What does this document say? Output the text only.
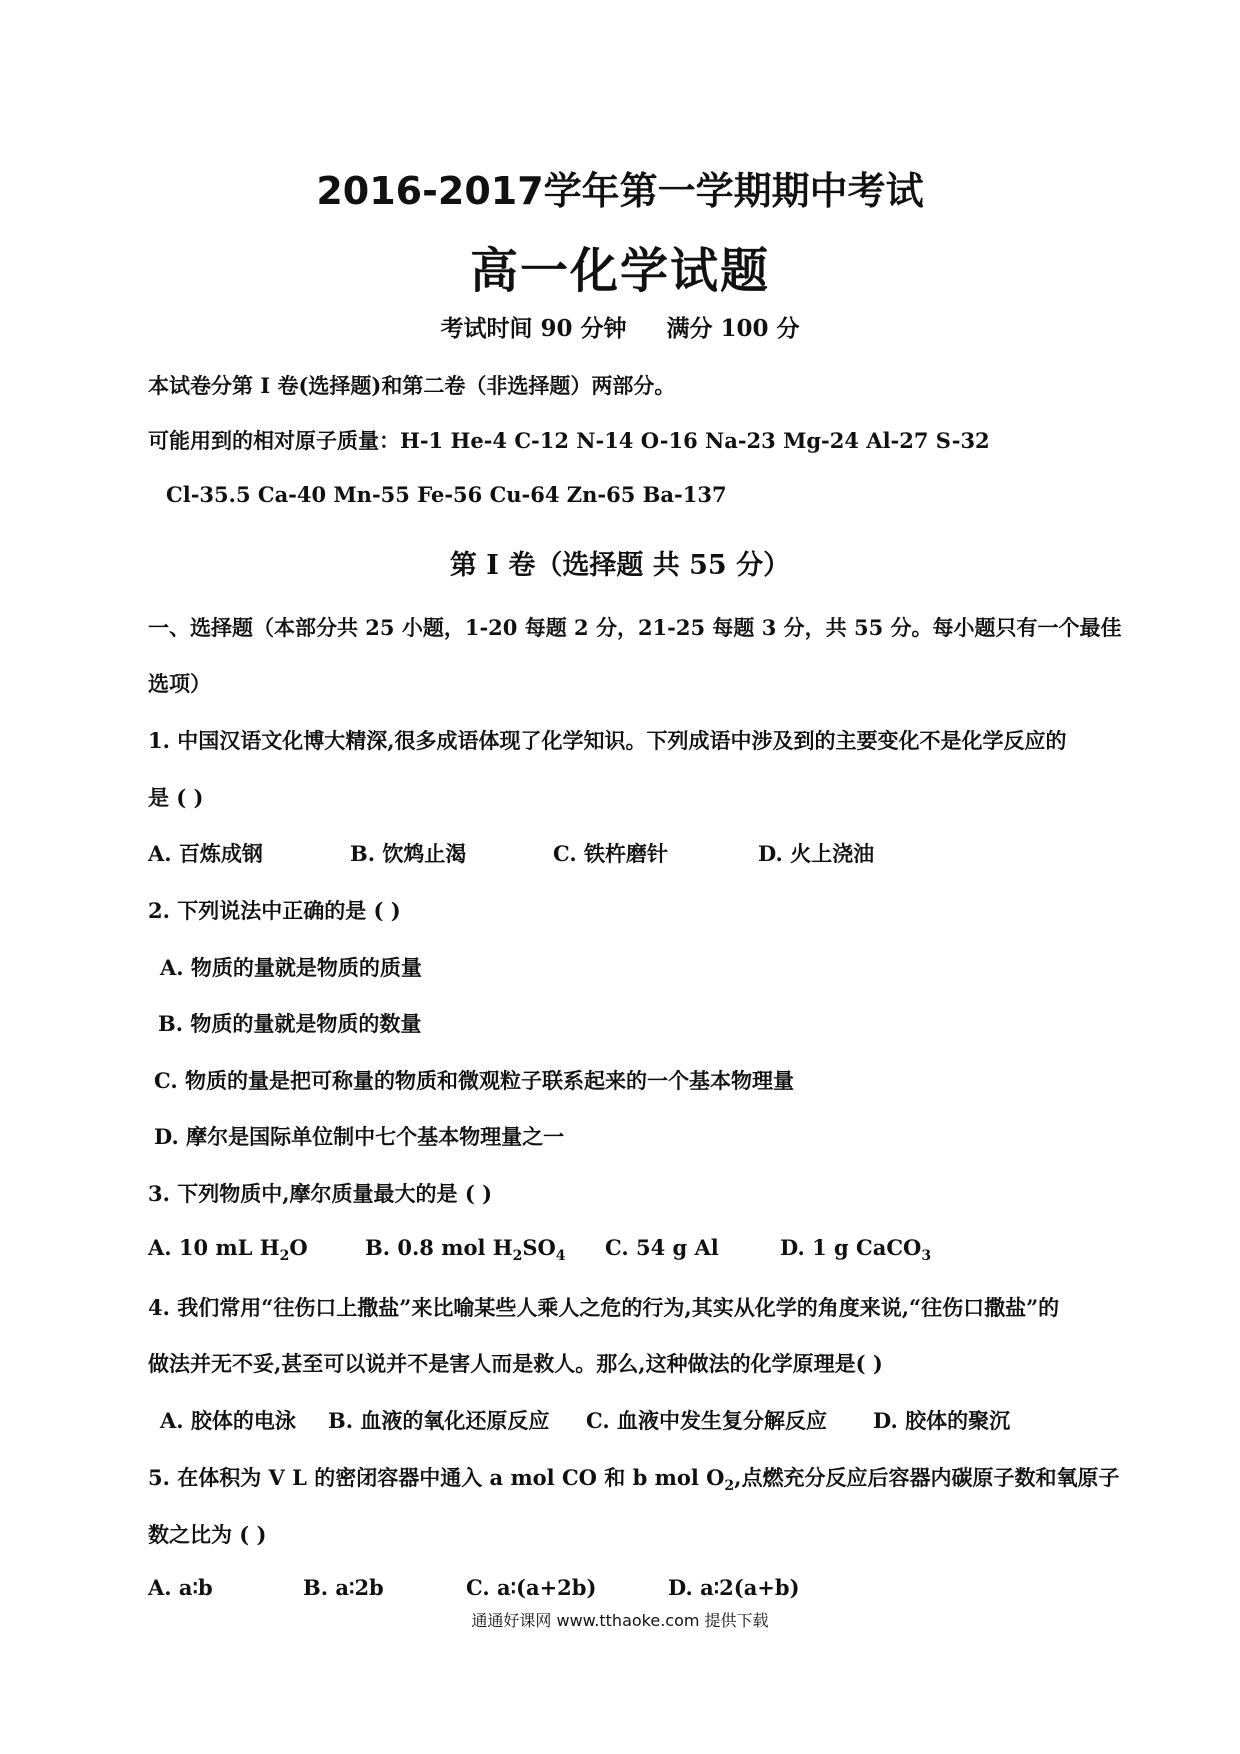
2016-2017学年第一学期期中考试
高一化学试题
考试时间 90 分钟 满分 100 分
本试卷分第 I 卷(选择题)和第二卷（非选择题）两部分。
可能用到的相对原子质量：H-1 He-4 C-12 N-14 O-16 Na-23 Mg-24 Al-27 S-32
Cl-35.5 Ca-40 Mn-55 Fe-56 Cu-64 Zn-65 Ba-137
第 I 卷（选择题 共 55 分）
一、选择题（本部分共 25 小题，1-20 每题 2 分，21-25 每题 3 分，共 55 分。每小题只有一个最佳
选项）
1. 中国汉语文化博大精深,很多成语体现了化学知识。下列成语中涉及到的主要变化不是化学反应的
是 ( )
A. 百炼成钢	B. 饮鸩止渴	C. 铁杵磨针	D. 火上浇油
2. 下列说法中正确的是 ( )
A. 物质的量就是物质的质量
B. 物质的量就是物质的数量
C. 物质的量是把可称量的物质和微观粒子联系起来的一个基本物理量
D. 摩尔是国际单位制中七个基本物理量之一
3. 下列物质中,摩尔质量最大的是 ( )
A. 10 mL $H_2O$	B. 0.8 mol $H_2SO_4$ C. 54 g Al	D. 1 g CaCO$_3$
4. 我们常用“往伤口上撒盐”来比喻某些人乘人之危的行为,其实从化学的角度来说,“往伤口撒盐”的
做法并无不妥,甚至可以说并不是害人而是救人。那么,这种做法的化学原理是( )
A. 胶体的电泳 B. 血液的氧化还原反应 C. 血液中发生复分解反应 D. 胶体的聚沉
5. 在体积为 V L 的密闭容器中通入 a mol CO 和 b mol $O_2$,点燃充分反应后容器内碳原子数和氧原子
数之比为 ( )
A. a∶b	B. a∶2b	C. a∶(a+2b)	D. a∶2(a+b)
通通好课网 www.tthaoke.com 提供下载
